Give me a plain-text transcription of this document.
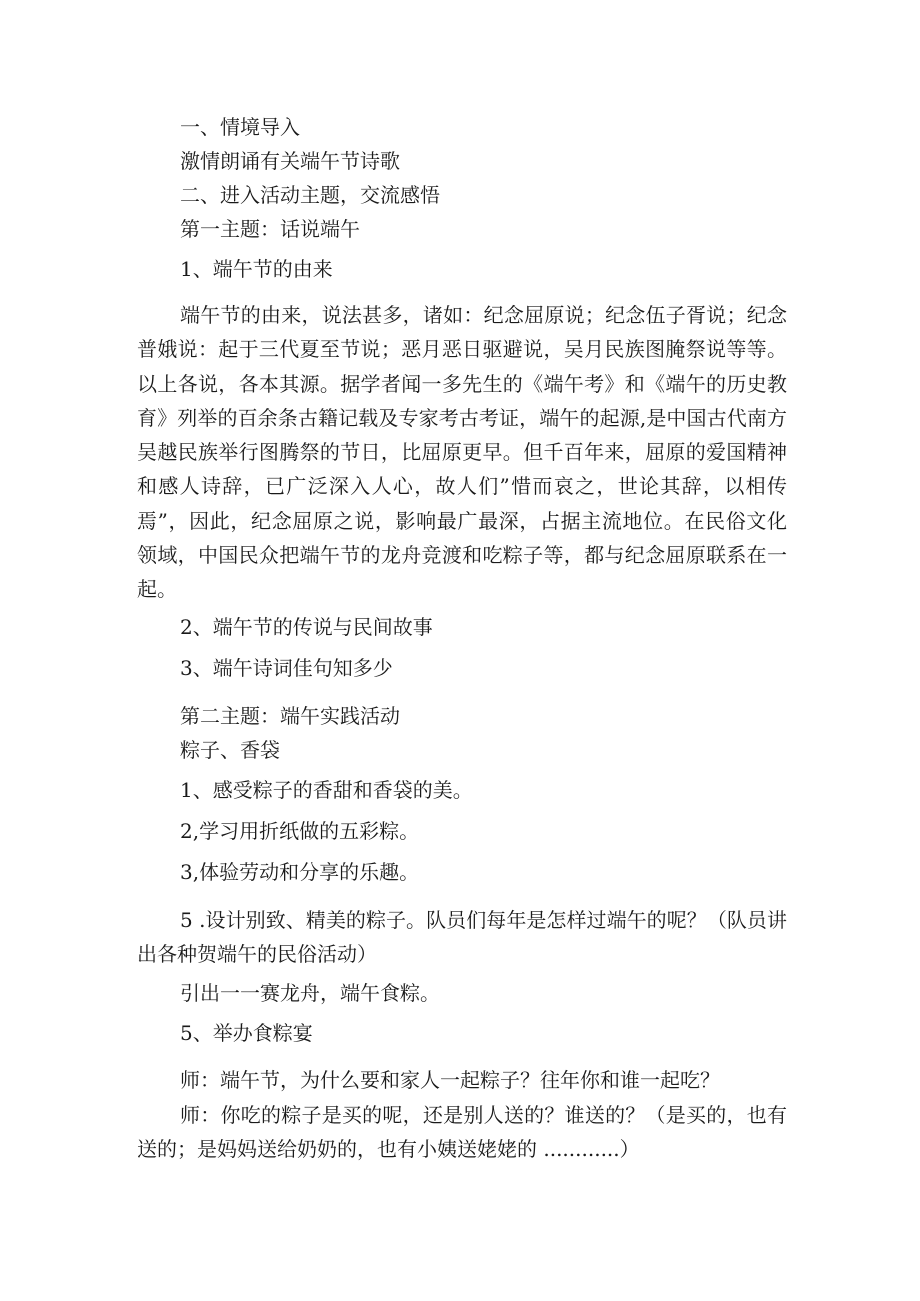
一、情境导入
激情朗诵有关端午节诗歌
二、进入活动主题，交流感悟
第一主题：话说端午
1、端午节的由来
端午节的由来，说法甚多，诸如：纪念屈原说；纪念伍子胥说；纪念普娥说：起于三代夏至节说；恶月恶日驱避说，吴月民族图腌祭说等等。以上各说，各本其源。据学者闻一多先生的《端午考》和《端午的历史教育》列举的百余条古籍记载及专家考古考证，端午的起源,是中国古代南方吴越民族举行图腾祭的节日，比屈原更早。但千百年来，屈原的爱国精神和感人诗辞，已广泛深入人心，故人们”惜而哀之，世论其辞，以相传焉”，因此，纪念屈原之说，影响最广最深，占据主流地位。在民俗文化领域，中国民众把端午节的龙舟竞渡和吃粽子等，都与纪念屈原联系在一起。
2、端午节的传说与民间故事
3、端午诗词佳句知多少
第二主题：端午实践活动
粽子、香袋
1、感受粽子的香甜和香袋的美。
2,学习用折纸做的五彩粽。
3,体验劳动和分享的乐趣。
5 .设计别致、精美的粽子。队员们每年是怎样过端午的呢？（队员讲出各种贺端午的民俗活动）
引出一一赛龙舟，端午食粽。
5、举办食粽宴
师：端午节，为什么要和家人一起粽子？往年你和谁一起吃？
师：你吃的粽子是买的呢，还是别人送的？谁送的？（是买的，也有送的；是妈妈送给奶奶的，也有小姨送姥姥的 ............）
